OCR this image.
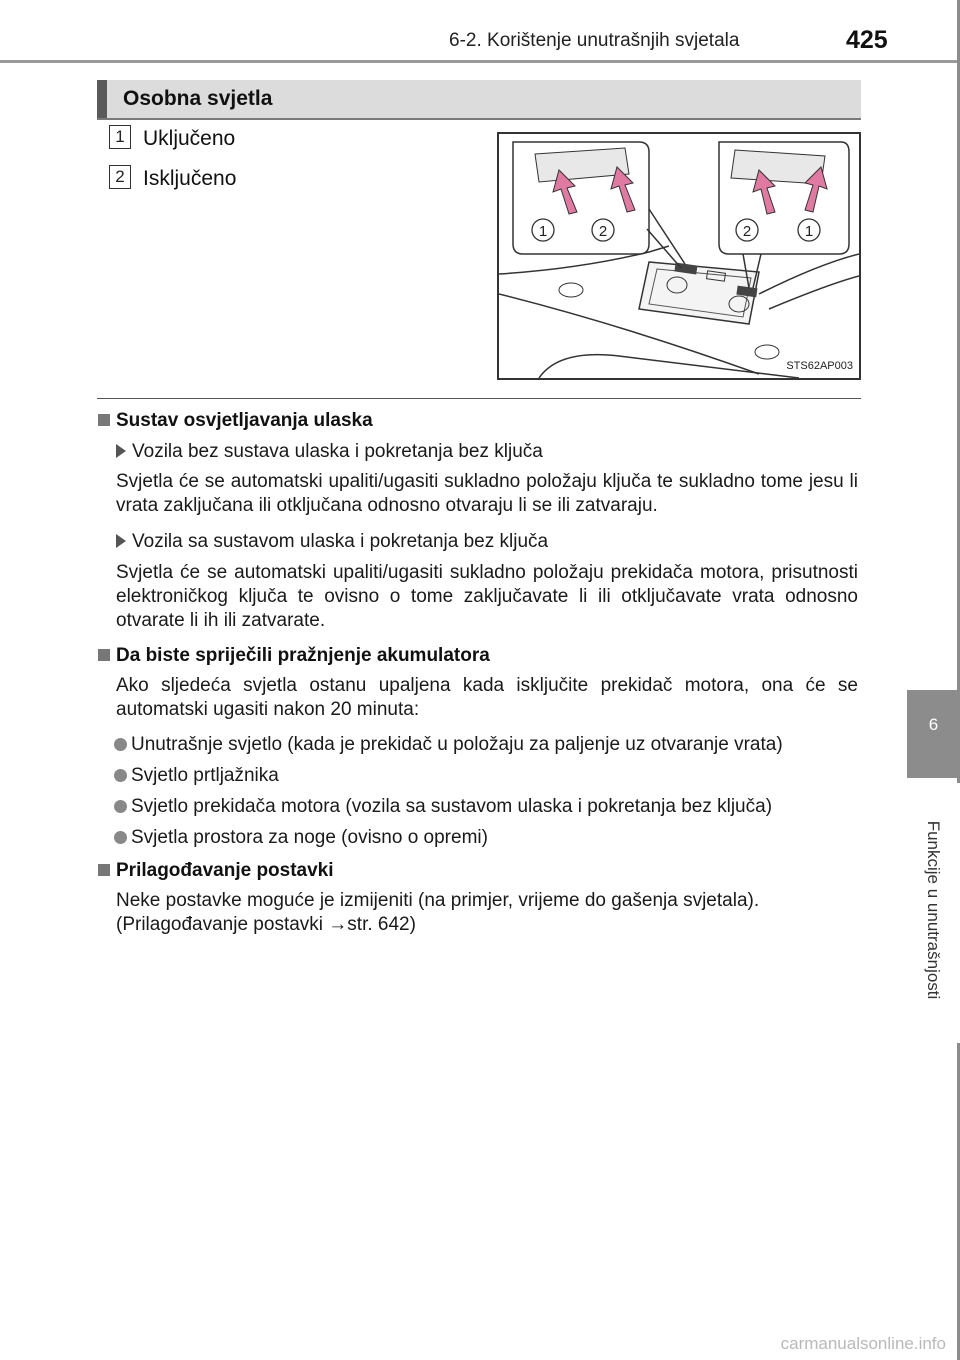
6-2. Korištenje unutrašnjih svjetala	425
6
Funkcije u unutrašnjosti
Osobna svjetla
1 Uključeno
2 Isključeno
1	2	2	1
STS62AP003
Sustav osvjetljavanja ulaska
Vozila bez sustava ulaska i pokretanja bez ključa
Svjetla će se automatski upaliti/ugasiti sukladno položaju ključa te sukladno tome jesu li vrata zaključana ili otključana odnosno otvaraju li se ili zatvaraju.
Vozila sa sustavom ulaska i pokretanja bez ključa
Svjetla će se automatski upaliti/ugasiti sukladno položaju prekidača motora, prisutnosti elektroničkog ključa te ovisno o tome zaključavate li ili otključavate vrata odnosno otvarate li ih ili zatvarate.
Da biste spriječili pražnjenje akumulatora
Ako sljedeća svjetla ostanu upaljena kada isključite prekidač motora, ona će se automatski ugasiti nakon 20 minuta:
Unutrašnje svjetlo (kada je prekidač u položaju za paljenje uz otvaranje vrata)
Svjetlo prtljažnika
Svjetlo prekidača motora (vozila sa sustavom ulaska i pokretanja bez ključa)
Svjetla prostora za noge (ovisno o opremi)
Prilagođavanje postavki
Neke postavke moguće je izmijeniti (na primjer, vrijeme do gašenja svjetala).
(Prilagođavanje postavki →str. 642)
carmanualsonline.info
